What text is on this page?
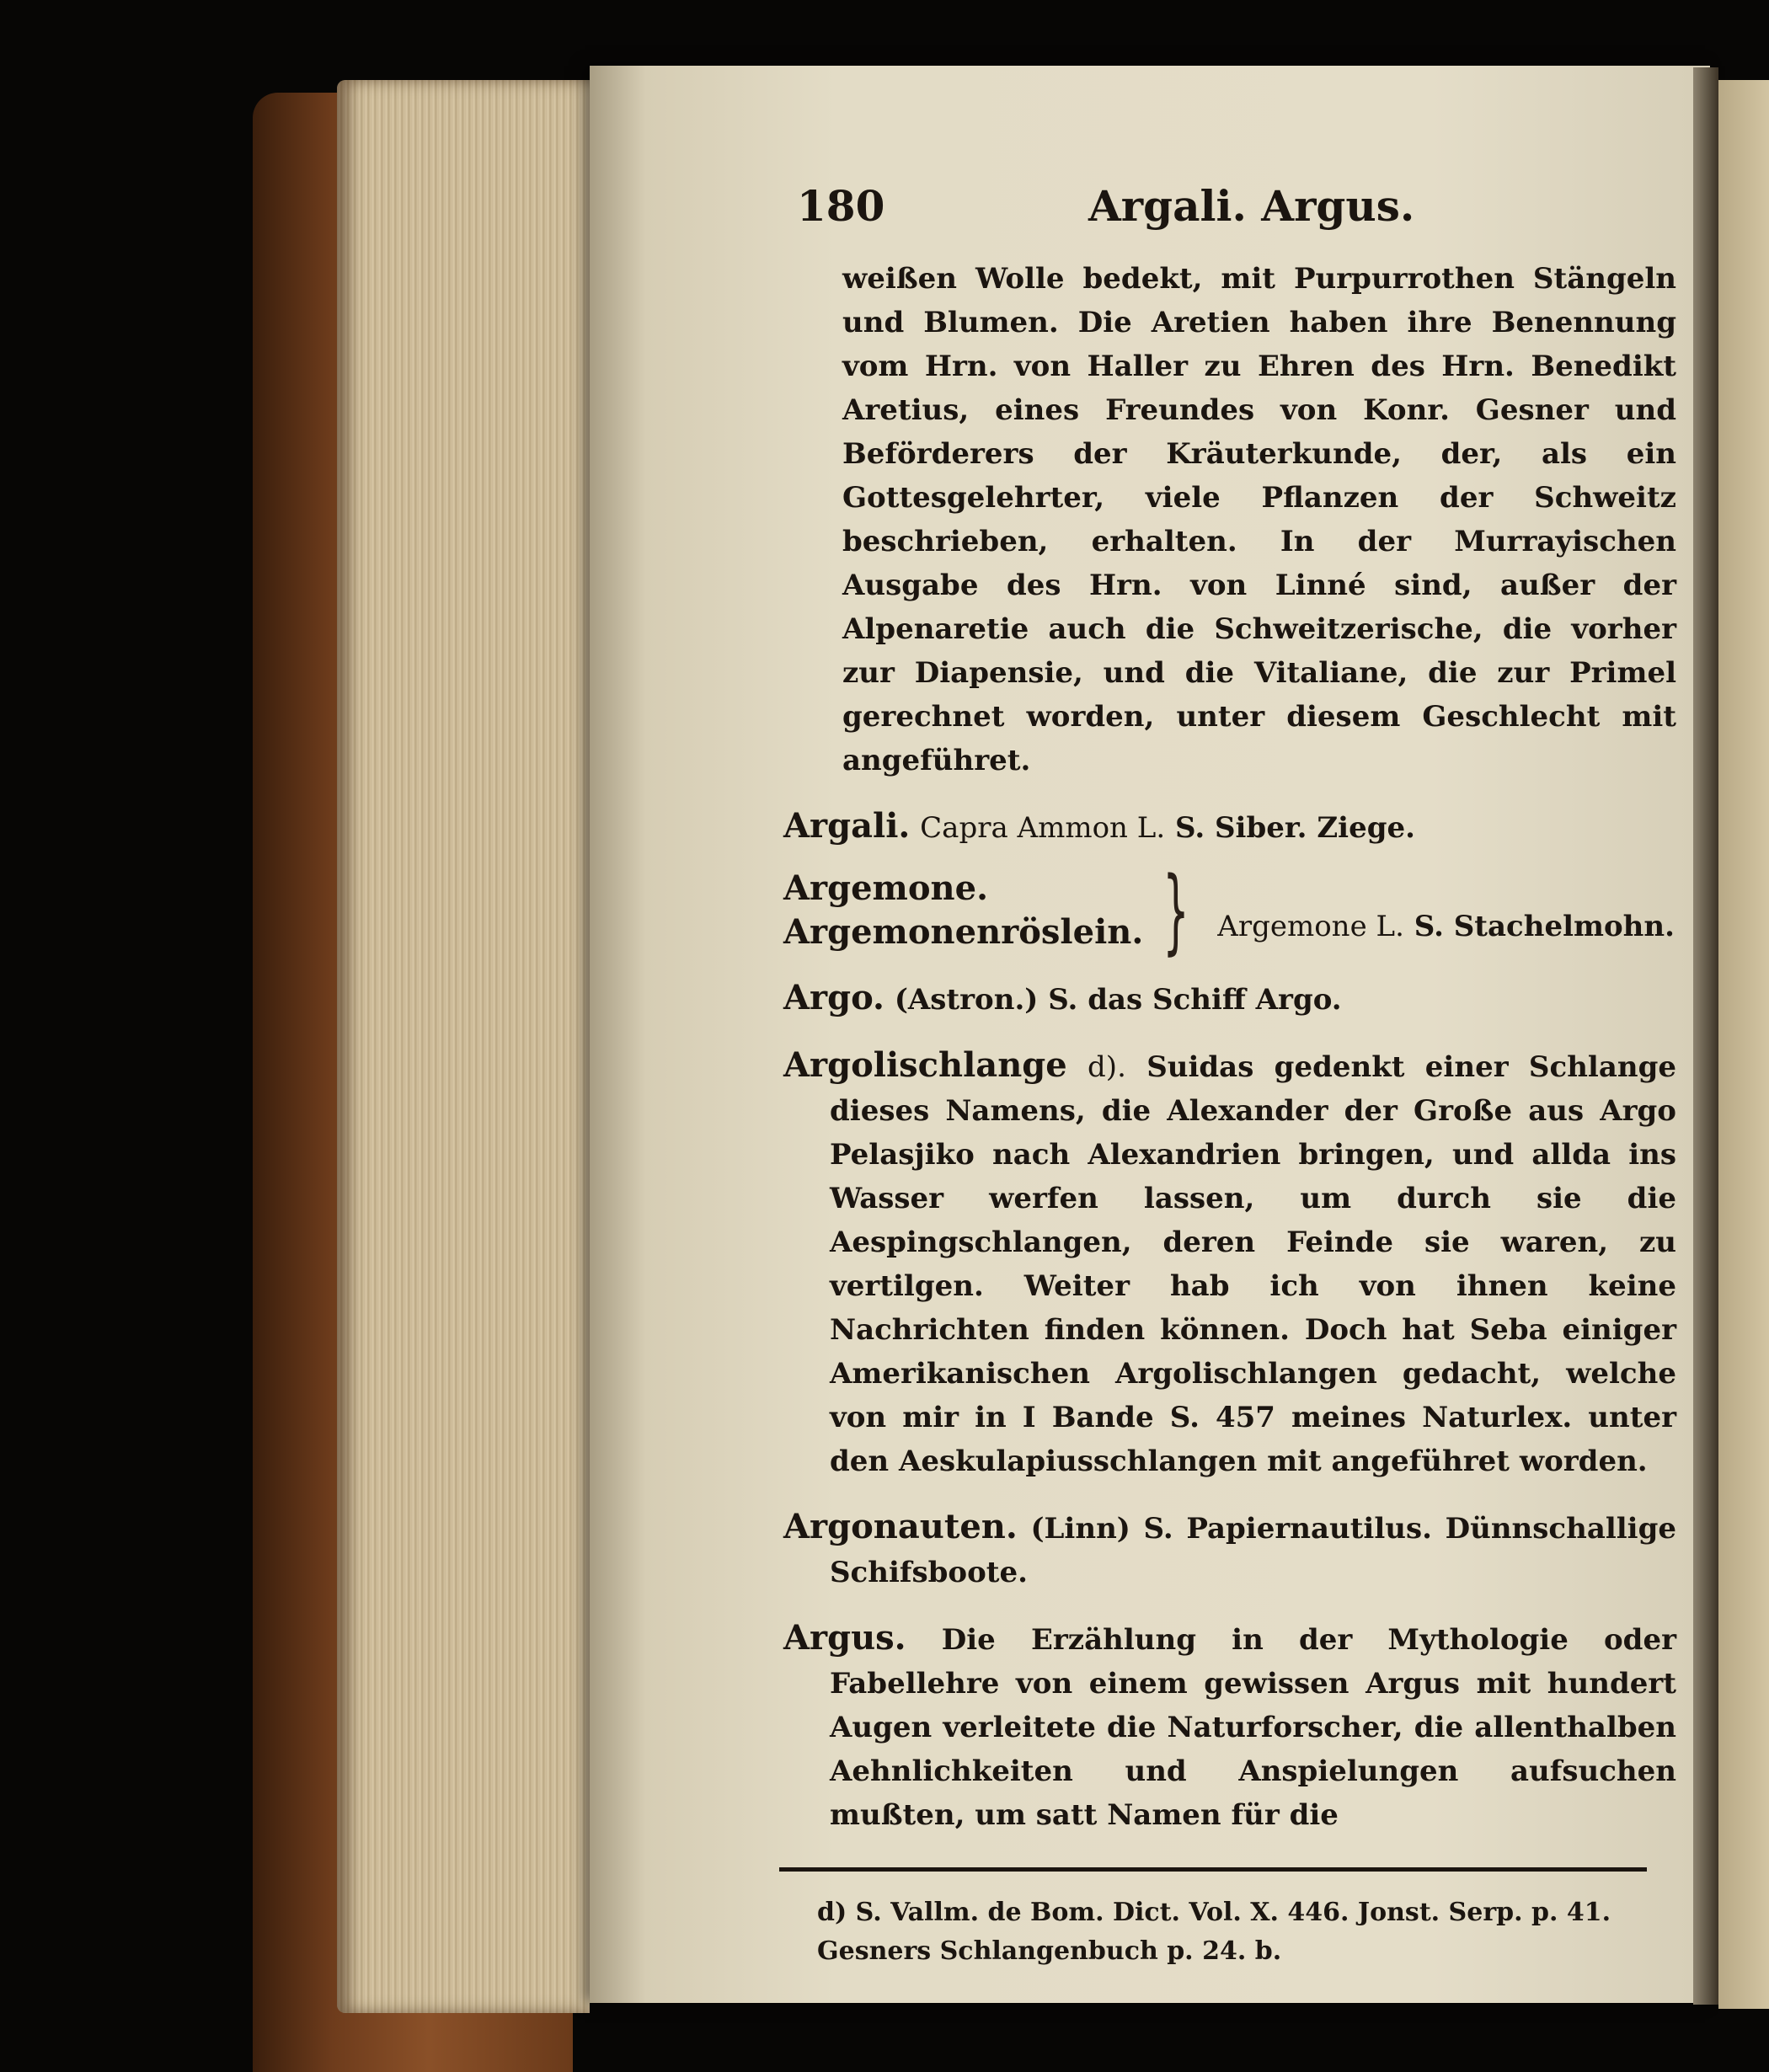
180	Argali. Argus.

weißen Wolle bedekt, mit Purpurrothen Stängeln und Blumen. Die Aretien haben ihre Benennung vom Hrn. von Haller zu Ehren des Hrn. Benedikt Aretius, eines Freundes von Konr. Gesner und Beförderers der Kräuterkunde, der, als ein Gottesgelehrter, viele Pflanzen der Schweitz beschrieben, erhalten. In der Murrayischen Ausgabe des Hrn. von Linné sind, außer der Alpenaretie auch die Schweitzerische, die vorher zur Diapensie, und die Vitaliane, die zur Primel gerechnet worden, unter diesem Geschlecht mit angeführet.

Argali. Capra Ammon L. S. Siber. Ziege.
Argemone.
Argemonenröslein. } Argemone L. S. Stachelmohn.
Argo. (Astron.) S. das Schiff Argo.
Argolischlange d). Suidas gedenkt einer Schlange dieses Namens, die Alexander der Große aus Argo Pelasjiko nach Alexandrien bringen, und allda ins Wasser werfen lassen, um durch sie die Aespingschlangen, deren Feinde sie waren, zu vertilgen. Weiter hab ich von ihnen keine Nachrichten finden können. Doch hat Seba einiger Amerikanischen Argolischlangen gedacht, welche von mir in I Bande S. 457 meines Naturlex. unter den Aeskulapiusschlangen mit angeführet worden.
Argonauten. (Linn) S. Papiernautilus. Dünnschallige Schifsboote.
Argus. Die Erzählung in der Mythologie oder Fabellehre von einem gewissen Argus mit hundert Augen verleitete die Naturforscher, die allenthalben Aehnlichkeiten und Anspielungen aufsuchen mußten, um satt Namen für die
d) S. Vallm. de Bom. Dict. Vol. X. 446. Jonst. Serp. p. 41.
Gesners Schlangenbuch p. 24. b.
